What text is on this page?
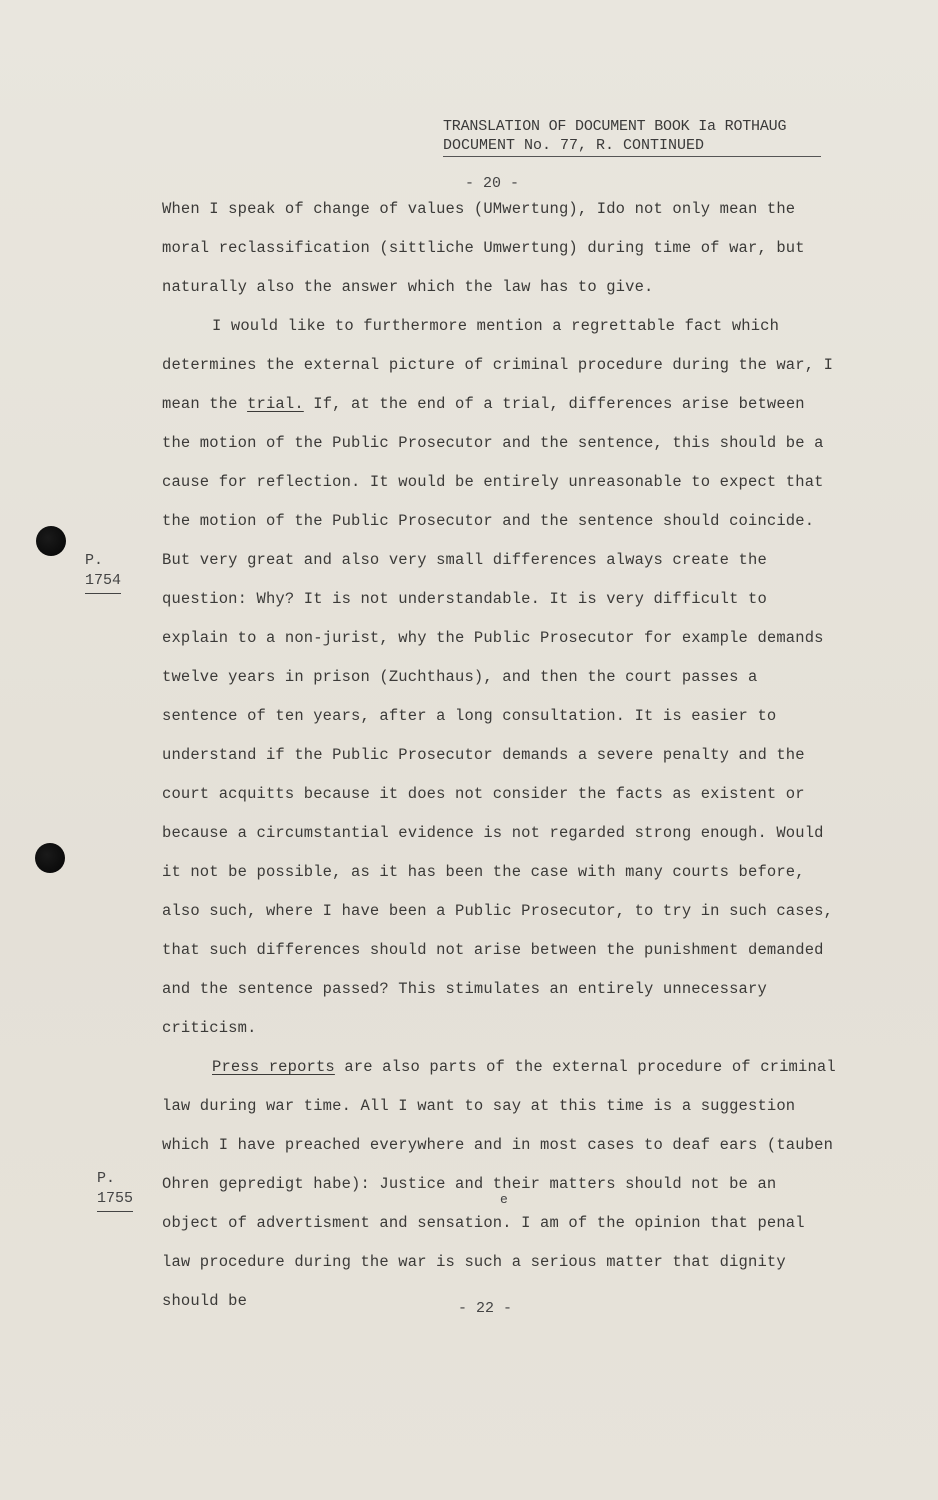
TRANSLATION OF DOCUMENT BOOK Ia ROTHAUG
DOCUMENT No. 77, R. CONTINUED
- 20 -
P.
1754
P.
1755

When I speak of change of values (UMwertung), Ido not only mean the moral reclassification (sittliche Umwertung) during time of war, but naturally also the answer which the law has to give.

I would like to furthermore mention a regrettable fact which determines the external picture of criminal procedure during the war, I mean the trial. If, at the end of a trial, differences arise between the motion of the Public Prosecutor and the sentence, this should be a cause for reflection. It would be entirely unreasonable to expect that the motion of the Public Prosecutor and the sentence should coincide. But very great and also very small differences always create the question: Why? It is not understandable. It is very difficult to explain to a non-jurist, why the Public Prosecutor for example demands twelve years in prison (Zuchthaus), and then the court passes a sentence of ten years, after a long consultation. It is easier to understand if the Public Prosecutor demands a severe penalty and the court acquitts because it does not consider the facts as existent or because a circumstantial evidence is not regarded strong enough. Would it not be possible, as it has been the case with many courts before, also such, where I have been a Public Prosecutor, to try in such cases, that such differences should not arise between the punishment demanded and the sentence passed? This stimulates an entirely unnecessary criticism.

Press reports are also parts of the external procedure of criminal law during war time. All I want to say at this time is a suggestion which I have preached everywhere and in most cases to deaf ears (tauben Ohren gepredigt habe): Justice and their matters should not be an object of advertisment and sensation. I am of the opinion that penal law procedure during the war is such a serious matter that dignity should be

e
- 22 -
